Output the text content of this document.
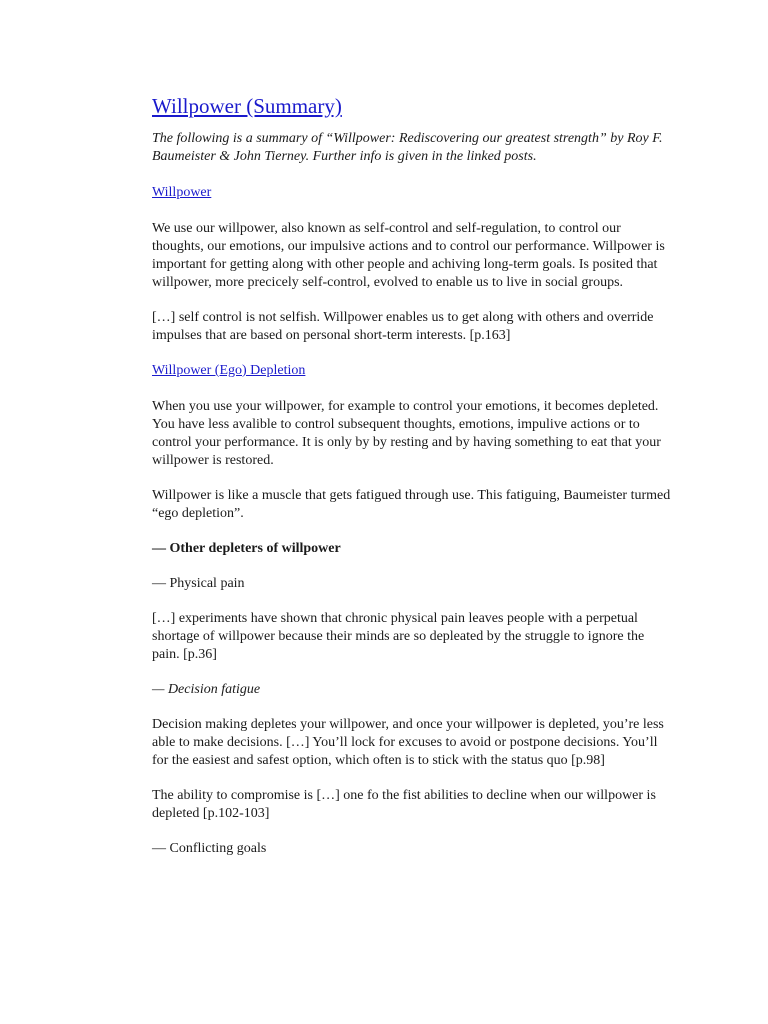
Willpower (Summary)

The following is a summary of “Willpower: Rediscovering our greatest strength” by Roy F. Baumeister & John Tierney. Further info is given in the linked posts.

Willpower

We use our willpower, also known as self-control and self-regulation, to control our thoughts, our emotions, our impulsive actions and to control our performance. Willpower is important for getting along with other people and achiving long-term goals. Is posited that willpower, more precicely self-control, evolved to enable us to live in social groups.

[…] self control is not selfish. Willpower enables us to get along with others and override impulses that are based on personal short-term interests. [p.163]

Willpower (Ego) Depletion

When you use your willpower, for example to control your emotions, it becomes depleted. You have less avalible to control subsequent thoughts, emotions, impulive actions or to control your performance. It is only by by resting and by having something to eat that your willpower is restored.

Willpower is like a muscle that gets fatigued through use. This fatiguing, Baumeister turmed “ego depletion”.

— Other depleters of willpower

— Physical pain

[…] experiments have shown that chronic physical pain leaves people with a perpetual shortage of willpower because their minds are so depleated by the struggle to ignore the pain. [p.36]

— Decision fatigue

Decision making depletes your willpower, and once your willpower is depleted, you’re less able to make decisions. […] You’ll lock for excuses to avoid or postpone decisions. You’ll for the easiest and safest option, which often is to stick with the status quo [p.98]

The ability to compromise is […] one fo the fist abilities to decline when our willpower is depleted [p.102-103]

— Conflicting goals
